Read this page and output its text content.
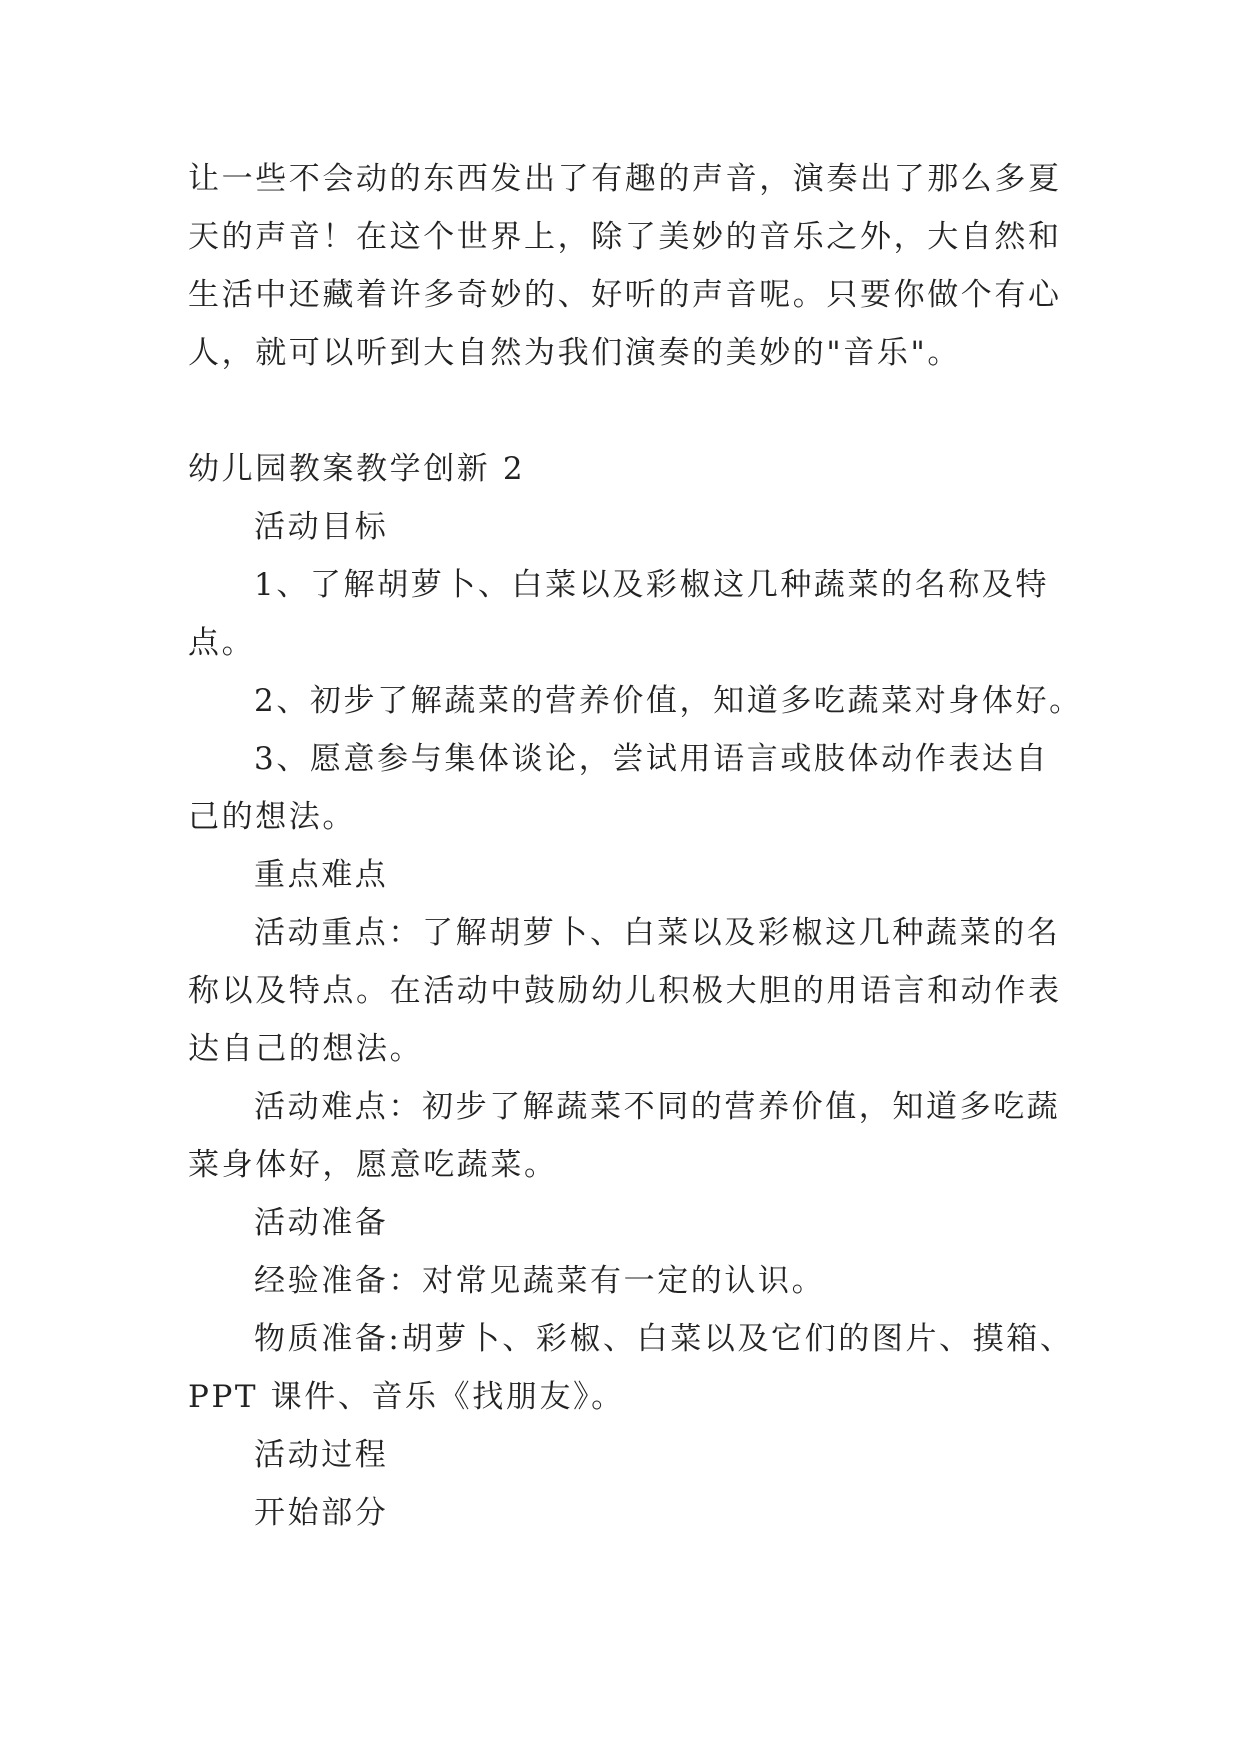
让一些不会动的东西发出了有趣的声音，演奏出了那么多夏
天的声音！在这个世界上，除了美妙的音乐之外，大自然和
生活中还藏着许多奇妙的、好听的声音呢。只要你做个有心
人，就可以听到大自然为我们演奏的美妙的"音乐"。
幼儿园教案教学创新 2
活动目标
1、了解胡萝卜、白菜以及彩椒这几种蔬菜的名称及特
点。
2、初步了解蔬菜的营养价值，知道多吃蔬菜对身体好。
3、愿意参与集体谈论，尝试用语言或肢体动作表达自
己的想法。
重点难点
活动重点：了解胡萝卜、白菜以及彩椒这几种蔬菜的名
称以及特点。在活动中鼓励幼儿积极大胆的用语言和动作表
达自己的想法。
活动难点：初步了解蔬菜不同的营养价值，知道多吃蔬
菜身体好，愿意吃蔬菜。
活动准备
经验准备：对常见蔬菜有一定的认识。
物质准备:胡萝卜、彩椒、白菜以及它们的图片、摸箱、
PPT 课件、音乐《找朋友》。
活动过程
开始部分
